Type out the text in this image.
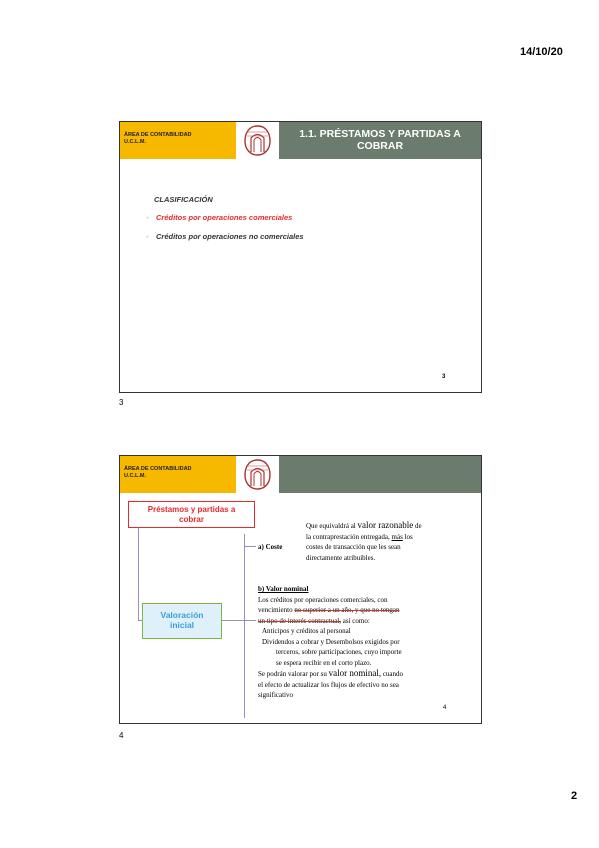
14/10/20
ÁREA DE CONTABILIDAD
U.C.L.M.
1.1. PRÉSTAMOS Y PARTIDAS A
COBRAR
CLASIFICACIÓN
◦ Créditos por operaciones comerciales
◦ Créditos por operaciones no comerciales
3
3
ÁREA DE CONTABILIDAD
U.C.L.M.
Préstamos y partidas a
cobrar
Valoración
inicial
a) Coste
Que equivaldrá al valor razonable de
la contraprestación entregada, más los
costes de transacción que les sean
directamente atribuibles.
b) Valor nominal
Los créditos por operaciones comerciales, con
vencimiento no superior a un año, y que no tengan
un tipo de interés contractual, así como:
Anticipos y créditos al personal
Dividendos a cobrar y Desembolsos exigidos por
terceros, sobre participaciones, cuyo importe
se espera recibir en el corto plazo.
Se podrán valorar por su valor nominal, cuando
el efecto de actualizar los flujos de efectivo no sea
significativo
4
4
2
